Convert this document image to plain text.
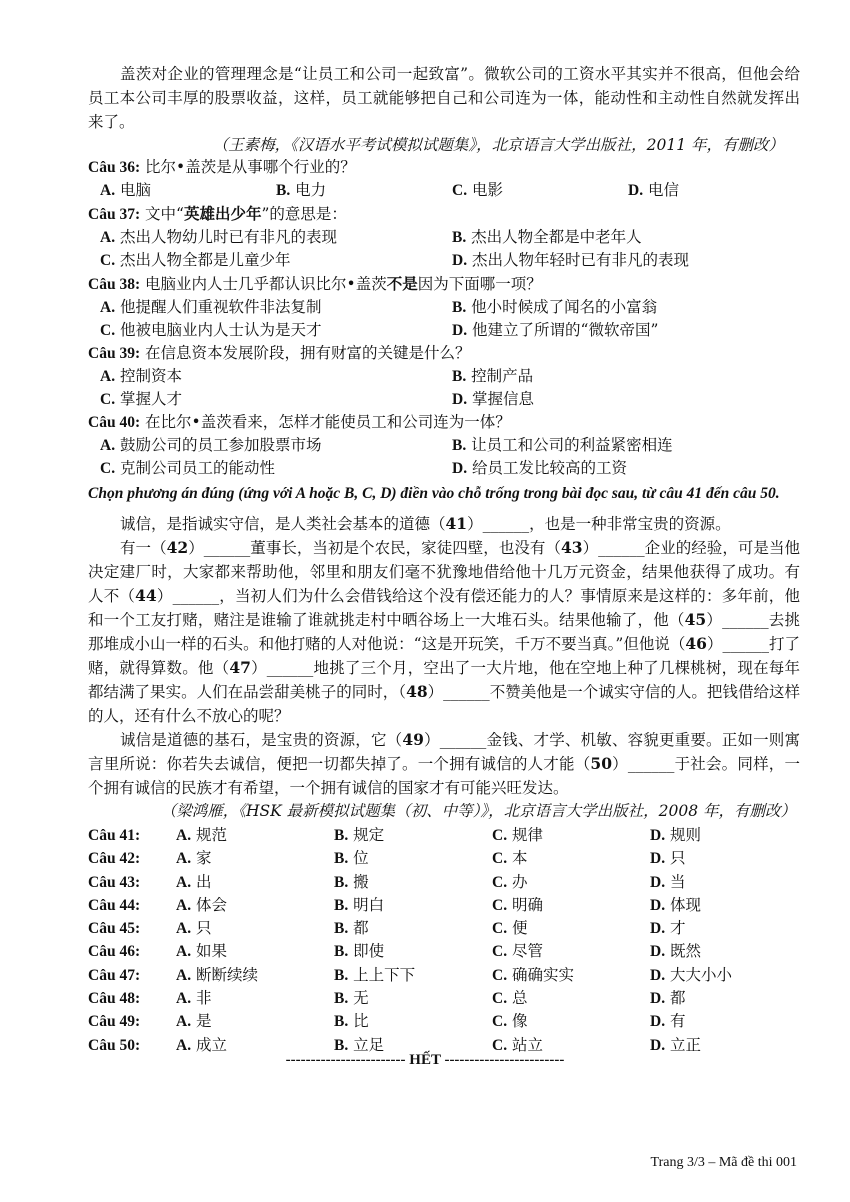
盖茨对企业的管理理念是“让员工和公司一起致富”。微软公司的工资水平其实并不很高，但他会给员工本公司丰厚的股票收益，这样，员工就能够把自己和公司连为一体，能动性和主动性自然就发挥出来了。

（王素梅，《汉语水平考试模拟试题集》，北京语言大学出版社，2011 年，有删改）

Câu 36: 比尔•盖茨是从事哪个行业的？
A. 电脑	B. 电力	C. 电影	D. 电信
Câu 37: 文中“英雄出少年”的意思是：
A. 杰出人物幼儿时已有非凡的表现	B. 杰出人物全都是中老年人
C. 杰出人物全都是儿童少年	D. 杰出人物年轻时已有非凡的表现
Câu 38: 电脑业内人士几乎都认识比尔•盖茨不是因为下面哪一项？
A. 他提醒人们重视软件非法复制	B. 他小时候成了闻名的小富翁
C. 他被电脑业内人士认为是天才	D. 他建立了所谓的“微软帝国”
Câu 39: 在信息资本发展阶段，拥有财富的关键是什么？
A. 控制资本	B. 控制产品
C. 掌握人才	D. 掌握信息
Câu 40: 在比尔•盖茨看来，怎样才能使员工和公司连为一体？
A. 鼓励公司的员工参加股票市场	B. 让员工和公司的利益紧密相连
C. 克制公司员工的能动性	D. 给员工发比较高的工资
Chọn phương án đúng (ứng với A hoặc B, C, D) điền vào chỗ trống trong bài đọc sau, từ câu 41 đến câu 50.

诚信，是指诚实守信，是人类社会基本的道德（41）______，也是一种非常宝贵的资源。

有一（42）______董事长，当初是个农民，家徒四壁，也没有（43）______企业的经验，可是当他决定建厂时，大家都来帮助他，邻里和朋友们毫不犹豫地借给他十几万元资金，结果他获得了成功。有人不（44）______，当初人们为什么会借钱给这个没有偿还能力的人？事情原来是这样的：多年前，他和一个工友打赌，赌注是谁输了谁就挑走村中晒谷场上一大堆石头。结果他输了，他（45）______去挑那堆成小山一样的石头。和他打赌的人对他说：“这是开玩笑，千万不要当真。”但他说（46）______打了赌，就得算数。他（47）______地挑了三个月，空出了一大片地，他在空地上种了几棵桃树，现在每年都结满了果实。人们在品尝甜美桃子的同时，（48）______不赞美他是一个诚实守信的人。把钱借给这样的人，还有什么不放心的呢？

诚信是道德的基石，是宝贵的资源，它（49）______金钱、才学、机敏、容貌更重要。正如一则寓言里所说：你若失去诚信，便把一切都失掉了。一个拥有诚信的人才能（50）______于社会。同样，一个拥有诚信的民族才有希望，一个拥有诚信的国家才有可能兴旺发达。

（梁鸿雁，《HSK 最新模拟试题集（初、中等）》，北京语言大学出版社，2008 年，有删改）

Câu 41:	A. 规范	B. 规定	C. 规律	D. 规则
Câu 42:	A. 家	B. 位	C. 本	D. 只
Câu 43:	A. 出	B. 搬	C. 办	D. 当
Câu 44:	A. 体会	B. 明白	C. 明确	D. 体现
Câu 45:	A. 只	B. 都	C. 便	D. 才
Câu 46:	A. 如果	B. 即使	C. 尽管	D. 既然
Câu 47:	A. 断断续续	B. 上上下下	C. 确确实实	D. 大大小小
Câu 48:	A. 非	B. 无	C. 总	D. 都
Câu 49:	A. 是	B. 比	C. 像	D. 有
Câu 50:	A. 成立	B. 立足	C. 站立	D. 立正
------------------------ HẾT ------------------------
Trang 3/3 – Mã đề thi 001
